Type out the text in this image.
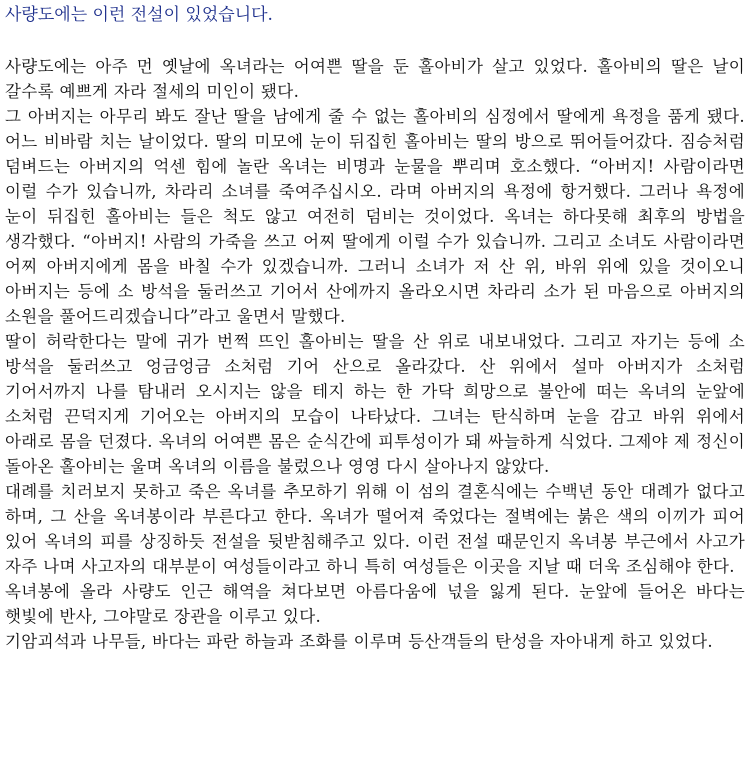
사량도에는 이런 전설이 있었습니다.

사량도에는 아주 먼 옛날에 옥녀라는 어여쁜 딸을 둔 홀아비가 살고 있었다. 홀아비의 딸은 날이 갈수록 예쁘게 자라 절세의 미인이 됐다.

그 아버지는 아무리 봐도 잘난 딸을 남에게 줄 수 없는 홀아비의 심정에서 딸에게 욕정을 품게 됐다. 어느 비바람 치는 날이었다. 딸의 미모에 눈이 뒤집힌 홀아비는 딸의 방으로 뛰어들어갔다. 짐승처럼 덤벼드는 아버지의 억센 힘에 놀란 옥녀는 비명과 눈물을 뿌리며 호소했다. “아버지! 사람이라면 이럴 수가 있습니까, 차라리 소녀를 죽여주십시오. 라며 아버지의 욕정에 항거했다. 그러나 욕정에 눈이 뒤집힌 홀아비는 들은 척도 않고 여전히 덤비는 것이었다. 옥녀는 하다못해 최후의 방법을 생각했다. “아버지! 사람의 가죽을 쓰고 어찌 딸에게 이럴 수가 있습니까. 그리고 소녀도 사람이라면 어찌 아버지에게 몸을 바칠 수가 있겠습니까. 그러니 소녀가 저 산 위, 바위 위에 있을 것이오니 아버지는 등에 소 방석을 둘러쓰고 기어서 산에까지 올라오시면 차라리 소가 된 마음으로 아버지의 소원을 풀어드리겠습니다”라고 울면서 말했다.

딸이 허락한다는 말에 귀가 번쩍 뜨인 홀아비는 딸을 산 위로 내보내었다. 그리고 자기는 등에 소 방석을 둘러쓰고 엉금엉금 소처럼 기어 산으로 올라갔다. 산 위에서 설마 아버지가 소처럼 기어서까지 나를 탐내러 오시지는 않을 테지 하는 한 가닥 희망으로 불안에 떠는 옥녀의 눈앞에 소처럼 끈덕지게 기어오는 아버지의 모습이 나타났다. 그녀는 탄식하며 눈을 감고 바위 위에서 아래로 몸을 던졌다. 옥녀의 어여쁜 몸은 순식간에 피투성이가 돼 싸늘하게 식었다. 그제야 제 정신이 돌아온 홀아비는 울며 옥녀의 이름을 불렀으나 영영 다시 살아나지 않았다.

대례를 치러보지 못하고 죽은 옥녀를 추모하기 위해 이 섬의 결혼식에는 수백년 동안 대례가 없다고 하며, 그 산을 옥녀봉이라 부른다고 한다. 옥녀가 떨어져 죽었다는 절벽에는 붉은 색의 이끼가 피어 있어 옥녀의 피를 상징하듯 전설을 뒷받침해주고 있다. 이런 전설 때문인지 옥녀봉 부근에서 사고가 자주 나며 사고자의 대부분이 여성들이라고 하니 특히 여성들은 이곳을 지날 때 더욱 조심해야 한다.

옥녀봉에 올라 사량도 인근 해역을 쳐다보면 아름다움에 넋을 잃게 된다. 눈앞에 들어온 바다는 햇빛에 반사, 그야말로 장관을 이루고 있다.

기암괴석과 나무들, 바다는 파란 하늘과 조화를 이루며 등산객들의 탄성을 자아내게 하고 있었다.
